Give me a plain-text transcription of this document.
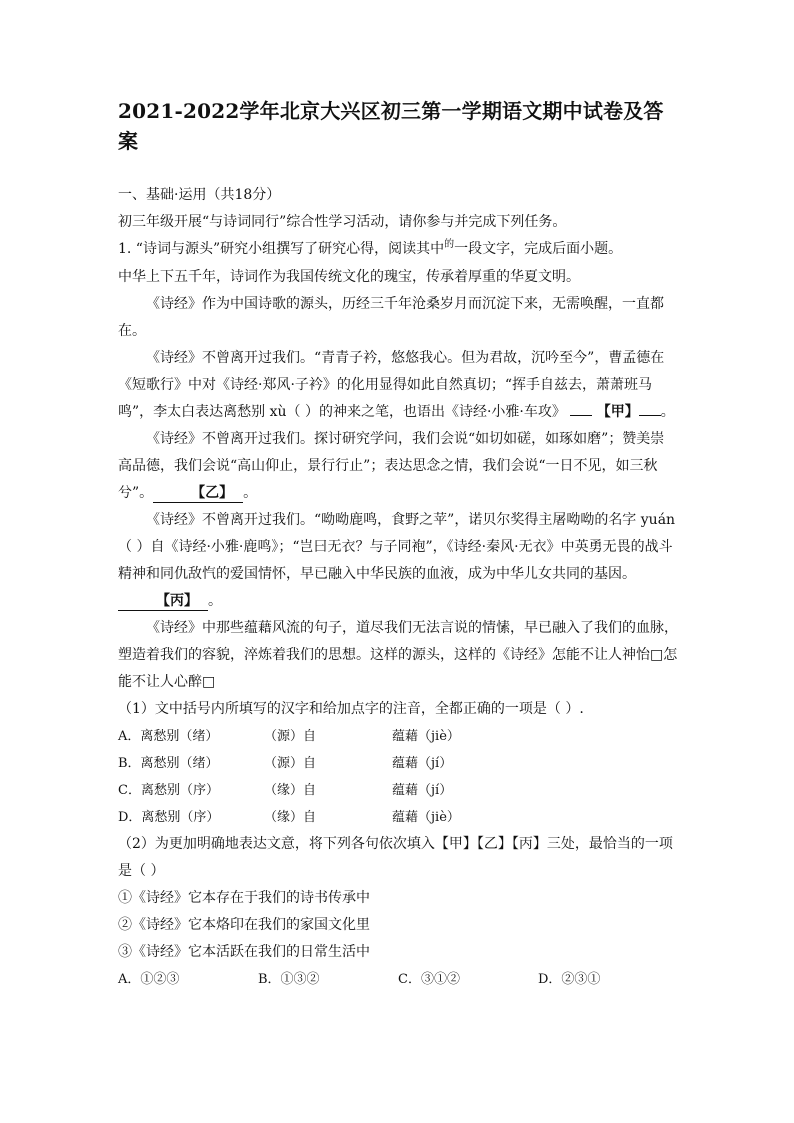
2021-2022学年北京大兴区初三第一学期语文期中试卷及答案

一、基础·运用（共18分）

初三年级开展“与诗词同行”综合性学习活动，请你参与并完成下列任务。

1. “诗词与源头”研究小组撰写了研究心得，阅读其中$^的$一段文字，完成后面小题。

中华上下五千年，诗词作为我国传统文化的瑰宝，传承着厚重的华夏文明。

《诗经》作为中国诗歌的源头，历经三千年沧桑岁月而沉淀下来，无需唤醒，一直都在。

《诗经》不曾离开过我们。“青青子衿，悠悠我心。但为君故，沉吟至今”，曹孟德在《短歌行》中对《诗经·郑风·子衿》的化用显得如此自然真切；“挥手自兹去，萧萧班马鸣”，李太白表达离愁别 xù（ ）的神来之笔，也语出《诗经·小雅·车攻》 【甲】 。

《诗经》不曾离开过我们。探讨研究学问，我们会说“如切如磋，如琢如磨”；赞美崇高品德，我们会说“高山仰止，景行行止”；表达思念之情，我们会说“一日不见，如三秋兮”。	【乙】 。

《诗经》不曾离开过我们。“呦呦鹿鸣，食野之苹”，诺贝尔奖得主屠呦呦的名字 yuán（ ）自《诗经·小雅·鹿鸣》；“岂曰无衣？与子同袍”，《诗经·秦风·无衣》中英勇无畏的战斗精神和同仇敌忾的爱国情怀，早已融入中华民族的血液，成为中华儿女共同的基因。【丙】 。

《诗经》中那些蕴藉风流的句子，道尽我们无法言说的情愫，早已融入了我们的血脉，塑造着我们的容貌，淬炼着我们的思想。这样的源头，这样的《诗经》怎能不让人神怡□怎能不让人心醉□

（1）文中括号内所填写的汉字和给加点字的注音，全都正确的一项是（ ）.

A．离愁别（绪）	（源）自	蕴藉（jiè）
B．离愁别（绪）	（源）自	蕴藉（jí）
C．离愁别（序）	（缘）自	蕴藉（jí）
D．离愁别（序）	（缘）自	蕴藉（jiè）

（2）为更加明确地表达文意，将下列各句依次填入【甲】【乙】【丙】三处，最恰当的一项是（ ）

①《诗经》它本存在于我们的诗书传承中

②《诗经》它本烙印在我们的家国文化里

③《诗经》它本活跃在我们的日常生活中

A．①②③	B．①③②	C．③①②	D．②③①
